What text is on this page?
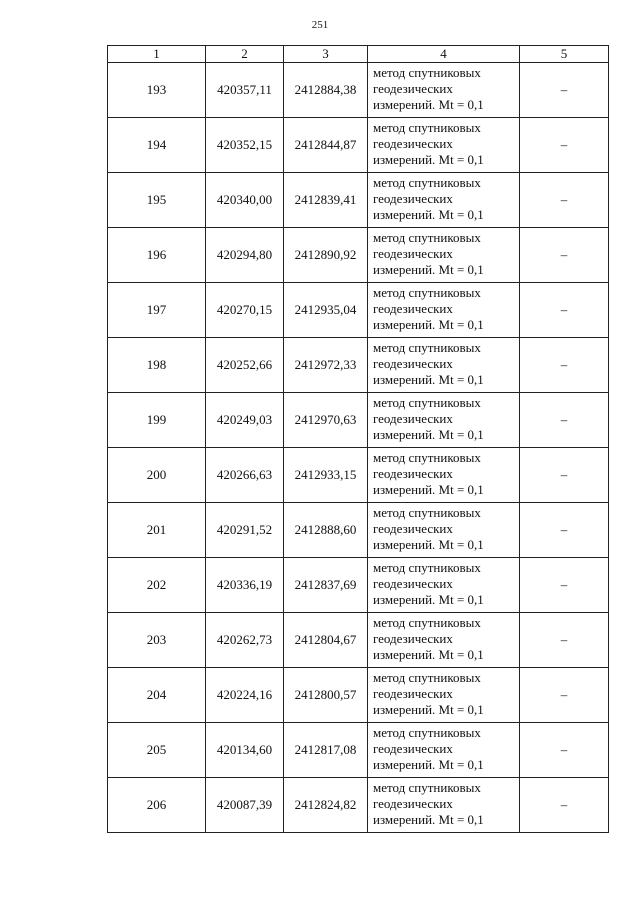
251
1	2	3	4	5
193	420357,11	2412884,38	метод спутниковых
геодезических
измерений. Mt = 0,1	–
194	420352,15	2412844,87	метод спутниковых
геодезических
измерений. Mt = 0,1	–
195	420340,00	2412839,41	метод спутниковых
геодезических
измерений. Mt = 0,1	–
196	420294,80	2412890,92	метод спутниковых
геодезических
измерений. Mt = 0,1	–
197	420270,15	2412935,04	метод спутниковых
геодезических
измерений. Mt = 0,1	–
198	420252,66	2412972,33	метод спутниковых
геодезических
измерений. Mt = 0,1	–
199	420249,03	2412970,63	метод спутниковых
геодезических
измерений. Mt = 0,1	–
200	420266,63	2412933,15	метод спутниковых
геодезических
измерений. Mt = 0,1	–
201	420291,52	2412888,60	метод спутниковых
геодезических
измерений. Mt = 0,1	–
202	420336,19	2412837,69	метод спутниковых
геодезических
измерений. Mt = 0,1	–
203	420262,73	2412804,67	метод спутниковых
геодезических
измерений. Mt = 0,1	–
204	420224,16	2412800,57	метод спутниковых
геодезических
измерений. Mt = 0,1	–
205	420134,60	2412817,08	метод спутниковых
геодезических
измерений. Mt = 0,1	–
206	420087,39	2412824,82	метод спутниковых
геодезических
измерений. Mt = 0,1	–
